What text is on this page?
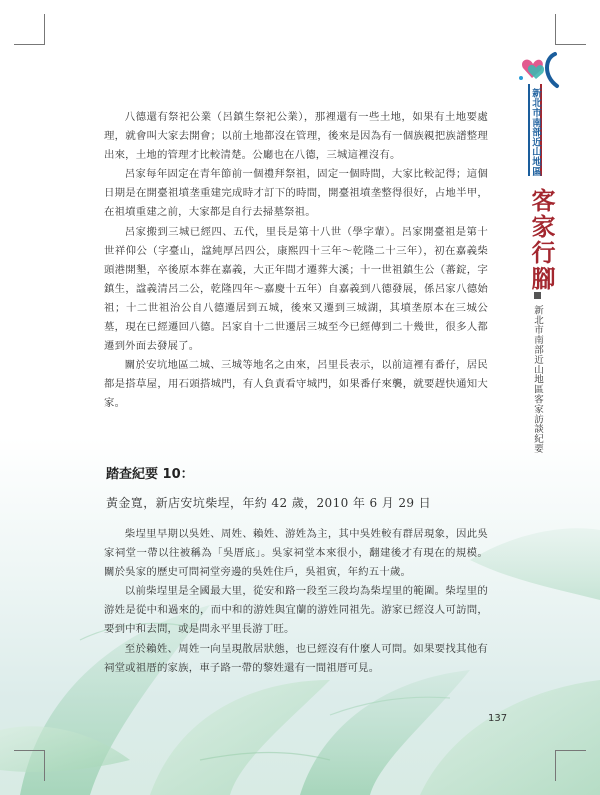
新北市南部近山地區
客家行腳
新北市南部近山地區客家訪談紀要

八德還有祭祀公業（呂鎮生祭祀公業），那裡還有一些土地，如果有土地要處理，就會叫大家去開會；以前土地都沒在管理，後來是因為有一個族親把族譜整理出來，土地的管理才比較清楚。公廳也在八德，三城這裡沒有。

呂家每年固定在青年節前一個禮拜祭祖，固定一個時間，大家比較記得；這個日期是在開臺祖墳垄重建完成時才訂下的時間，開臺祖墳垄整得很好，占地半甲，在祖墳重建之前，大家都是自行去掃墓祭祖。

呂家搬到三城已經四、五代，里長是第十八世（學字輩）。呂家開臺祖是第十世祥仰公（字臺山，諡純厚呂四公，康熙四十三年～乾隆二十三年），初在嘉義柴頭港開墾，卒後原本葬在嘉義，大正年間才遷葬大溪；十一世祖鎮生公（蕃錠，字鎮生，諡義清呂二公，乾隆四年～嘉慶十五年）自嘉義到八德發展，係呂家八德始祖；十二世祖治公自八德遷居到五城，後來又遷到三城湖，其墳垄原本在三城公墓，現在已經遷回八德。呂家自十二世遷居三城至今已經傳到二十幾世，很多人都遷到外面去發展了。

關於安坑地區二城、三城等地名之由來，呂里長表示，以前這裡有番仔，居民都是搭草屋，用石頭搭城門，有人負責看守城門，如果番仔來襲，就要趕快通知大家。

踏查紀要 10：
黃金寬，新店安坑柴埕，年約 42 歲，2010 年 6 月 29 日

柴埕里早期以吳姓、周姓、賴姓、游姓為主，其中吳姓較有群居現象，因此吳家祠堂一帶以往被稱為「吳厝底」。吳家祠堂本來很小，翻建後才有現在的規模。關於吳家的歷史可問祠堂旁邊的吳姓住戶，吳祖寅，年約五十歲。

以前柴埕里是全國最大里，從安和路一段至三段均為柴埕里的範圍。柴埕里的游姓是從中和過來的，而中和的游姓與宜蘭的游姓同祖先。游家已經沒人可訪問，要到中和去問，或是問永平里長游丁旺。

至於賴姓、周姓一向呈現散居狀態，也已經沒有什麼人可問。如果要找其他有祠堂或祖厝的家族，車子路一帶的黎姓還有一間祖厝可見。

137
